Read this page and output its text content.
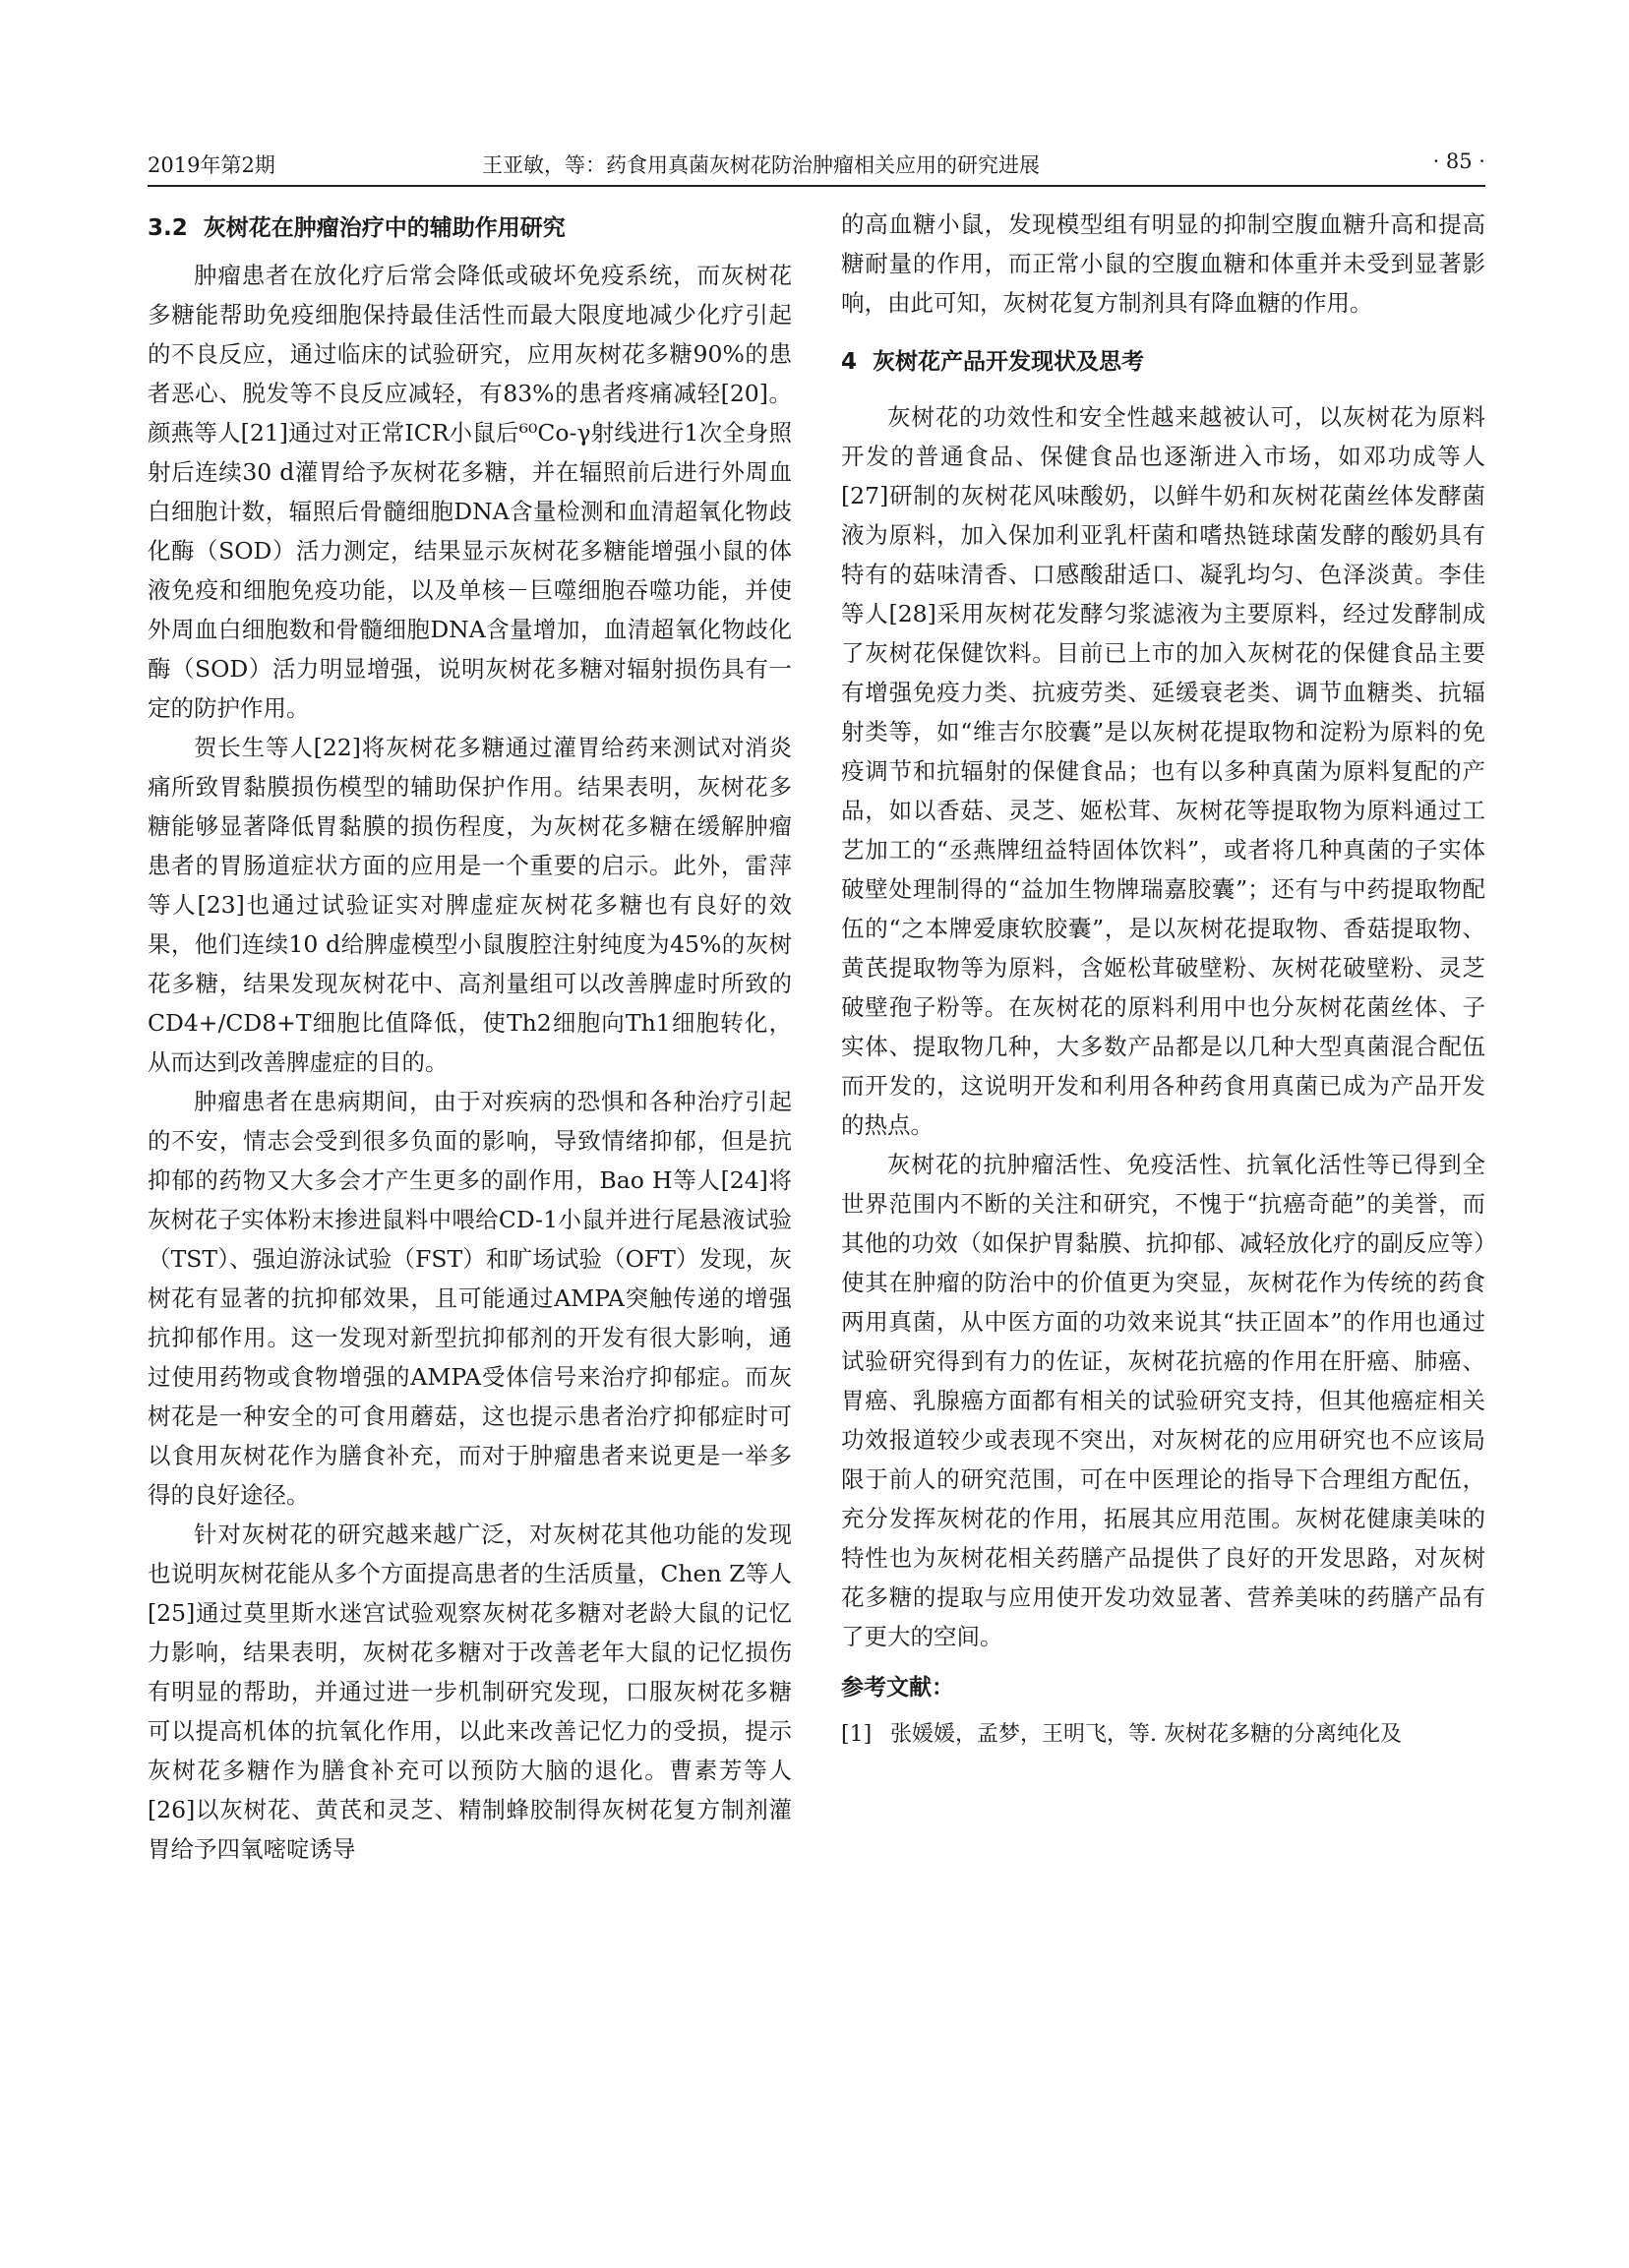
2019年第2期	王亚敏，等：药食用真菌灰树花防治肿瘤相关应用的研究进展	· 85 ·
3.2 灰树花在肿瘤治疗中的辅助作用研究

肿瘤患者在放化疗后常会降低或破坏免疫系统，而灰树花多糖能帮助免疫细胞保持最佳活性而最大限度地减少化疗引起的不良反应，通过临床的试验研究，应用灰树花多糖90%的患者恶心、脱发等不良反应减轻，有83%的患者疼痛减轻[20]。颜燕等人[21]通过对正常ICR小鼠后⁶⁰Co-γ射线进行1次全身照射后连续30 d灌胃给予灰树花多糖，并在辐照前后进行外周血白细胞计数，辐照后骨髓细胞DNA含量检测和血清超氧化物歧化酶（SOD）活力测定，结果显示灰树花多糖能增强小鼠的体液免疫和细胞免疫功能，以及单核－巨噬细胞吞噬功能，并使外周血白细胞数和骨髓细胞DNA含量增加，血清超氧化物歧化酶（SOD）活力明显增强，说明灰树花多糖对辐射损伤具有一定的防护作用。

贺长生等人[22]将灰树花多糖通过灌胃给药来测试对消炎痛所致胃黏膜损伤模型的辅助保护作用。结果表明，灰树花多糖能够显著降低胃黏膜的损伤程度，为灰树花多糖在缓解肿瘤患者的胃肠道症状方面的应用是一个重要的启示。此外，雷萍等人[23]也通过试验证实对脾虚症灰树花多糖也有良好的效果，他们连续10 d给脾虚模型小鼠腹腔注射纯度为45%的灰树花多糖，结果发现灰树花中、高剂量组可以改善脾虚时所致的CD4+/CD8+T细胞比值降低，使Th2细胞向Th1细胞转化，从而达到改善脾虚症的目的。

肿瘤患者在患病期间，由于对疾病的恐惧和各种治疗引起的不安，情志会受到很多负面的影响，导致情绪抑郁，但是抗抑郁的药物又大多会才产生更多的副作用，Bao H等人[24]将灰树花子实体粉末掺进鼠料中喂给CD-1小鼠并进行尾悬液试验（TST）、强迫游泳试验（FST）和旷场试验（OFT）发现，灰树花有显著的抗抑郁效果，且可能通过AMPA突触传递的增强抗抑郁作用。这一发现对新型抗抑郁剂的开发有很大影响，通过使用药物或食物增强的AMPA受体信号来治疗抑郁症。而灰树花是一种安全的可食用蘑菇，这也提示患者治疗抑郁症时可以食用灰树花作为膳食补充，而对于肿瘤患者来说更是一举多得的良好途径。

针对灰树花的研究越来越广泛，对灰树花其他功能的发现也说明灰树花能从多个方面提高患者的生活质量，Chen Z等人[25]通过莫里斯水迷宫试验观察灰树花多糖对老龄大鼠的记忆力影响，结果表明，灰树花多糖对于改善老年大鼠的记忆损伤有明显的帮助，并通过进一步机制研究发现，口服灰树花多糖可以提高机体的抗氧化作用，以此来改善记忆力的受损，提示灰树花多糖作为膳食补充可以预防大脑的退化。曹素芳等人[26]以灰树花、黄芪和灵芝、精制蜂胶制得灰树花复方制剂灌胃给予四氧嘧啶诱导

的高血糖小鼠，发现模型组有明显的抑制空腹血糖升高和提高糖耐量的作用，而正常小鼠的空腹血糖和体重并未受到显著影响，由此可知，灰树花复方制剂具有降血糖的作用。

4 灰树花产品开发现状及思考

灰树花的功效性和安全性越来越被认可，以灰树花为原料开发的普通食品、保健食品也逐渐进入市场，如邓功成等人[27]研制的灰树花风味酸奶，以鲜牛奶和灰树花菌丝体发酵菌液为原料，加入保加利亚乳杆菌和嗜热链球菌发酵的酸奶具有特有的菇味清香、口感酸甜适口、凝乳均匀、色泽淡黄。李佳等人[28]采用灰树花发酵匀浆滤液为主要原料，经过发酵制成了灰树花保健饮料。目前已上市的加入灰树花的保健食品主要有增强免疫力类、抗疲劳类、延缓衰老类、调节血糖类、抗辐射类等，如“维吉尔胶囊”是以灰树花提取物和淀粉为原料的免疫调节和抗辐射的保健食品；也有以多种真菌为原料复配的产品，如以香菇、灵芝、姬松茸、灰树花等提取物为原料通过工艺加工的“丞燕牌纽益特固体饮料”，或者将几种真菌的子实体破壁处理制得的“益加生物牌瑞嘉胶囊”；还有与中药提取物配伍的“之本牌爱康软胶囊”，是以灰树花提取物、香菇提取物、黄芪提取物等为原料，含姬松茸破壁粉、灰树花破壁粉、灵芝破壁孢子粉等。在灰树花的原料利用中也分灰树花菌丝体、子实体、提取物几种，大多数产品都是以几种大型真菌混合配伍而开发的，这说明开发和利用各种药食用真菌已成为产品开发的热点。

灰树花的抗肿瘤活性、免疫活性、抗氧化活性等已得到全世界范围内不断的关注和研究，不愧于“抗癌奇葩”的美誉，而其他的功效（如保护胃黏膜、抗抑郁、减轻放化疗的副反应等）使其在肿瘤的防治中的价值更为突显，灰树花作为传统的药食两用真菌，从中医方面的功效来说其“扶正固本”的作用也通过试验研究得到有力的佐证，灰树花抗癌的作用在肝癌、肺癌、胃癌、乳腺癌方面都有相关的试验研究支持，但其他癌症相关功效报道较少或表现不突出，对灰树花的应用研究也不应该局限于前人的研究范围，可在中医理论的指导下合理组方配伍，充分发挥灰树花的作用，拓展其应用范围。灰树花健康美味的特性也为灰树花相关药膳产品提供了良好的开发思路，对灰树花多糖的提取与应用使开发功效显著、营养美味的药膳产品有了更大的空间。

参考文献：
[1] 张媛媛，孟梦，王明飞，等. 灰树花多糖的分离纯化及
